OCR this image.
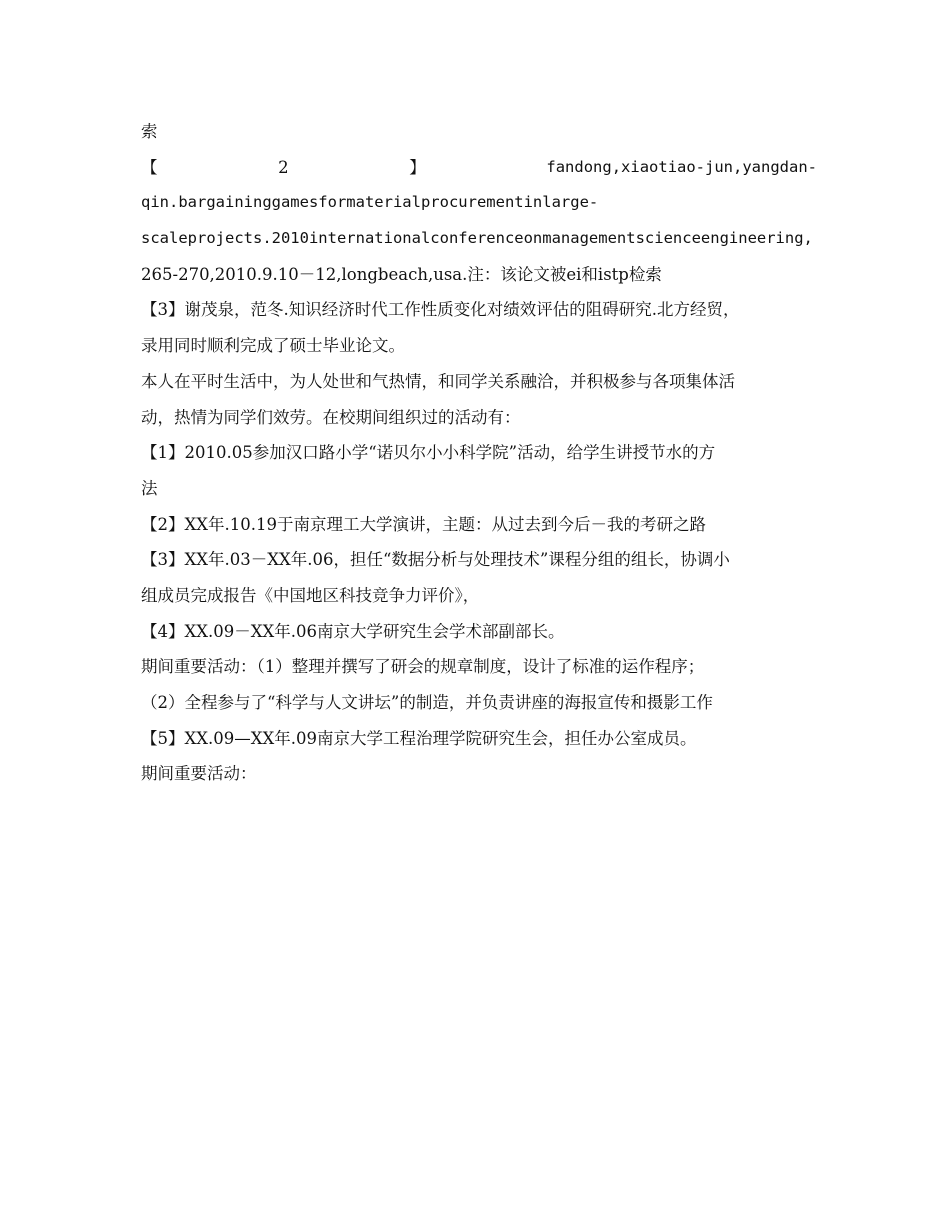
索
【	2	】	fandong,xiaotiao-jun,yangdan-
qin.bargaininggamesformaterialprocurementinlarge-
scaleprojects.2010internationalconferenceonmanagementscienceengineering,
265-270,2010.9.10－12,longbeach,usa.注：该论文被ei和istp检索
【3】谢茂泉，范冬.知识经济时代工作性质变化对绩效评估的阻碍研究.北方经贸，
录用同时顺利完成了硕士毕业论文。
本人在平时生活中，为人处世和气热情，和同学关系融洽，并积极参与各项集体活
动，热情为同学们效劳。在校期间组织过的活动有：
【1】2010.05参加汉口路小学“诺贝尔小小科学院”活动，给学生讲授节水的方
法
【2】XX年.10.19于南京理工大学演讲，主题：从过去到今后－我的考研之路
【3】XX年.03－XX年.06，担任“数据分析与处理技术”课程分组的组长，协调小
组成员完成报告《中国地区科技竞争力评价》，
【4】XX.09－XX年.06南京大学研究生会学术部副部长。
期间重要活动：（1）整理并撰写了研会的规章制度，设计了标准的运作程序；
（2）全程参与了“科学与人文讲坛”的制造，并负责讲座的海报宣传和摄影工作
【5】XX.09—XX年.09南京大学工程治理学院研究生会，担任办公室成员。
期间重要活动：
